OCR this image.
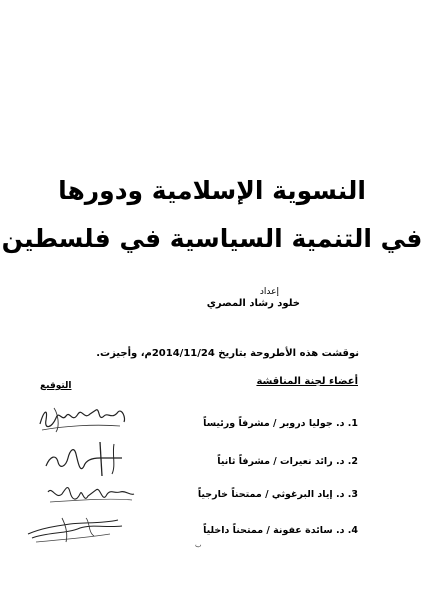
النسوية الإسلامية ودورها
في التنمية السياسية في فلسطين
إعداد
خلود رشاد المصري
نوقشت هذه الأطروحة بتاريخ 2014/11/24م، وأجيزت.
أعضاء لجنة المناقشة
التوقيع
1. د. جوليا دروبر / مشرفاً ورئيساً
2. د. رائد نعيرات / مشرفاً ثانياً
3. د. إياد البرغوثي / ممتحناً خارجياً
4. د. سائدة عفونة / ممتحناً داخلياً
ب
